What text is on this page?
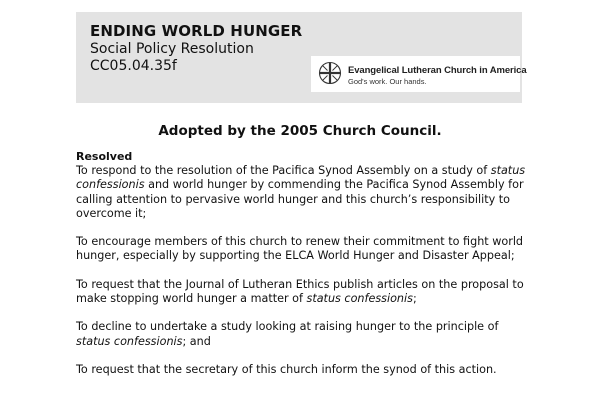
ENDING WORLD HUNGER
Social Policy Resolution
CC05.04.35f	Evangelical Lutheran Church in America
God's work. Our hands.
Adopted by the 2005 Church Council.
Resolved
To respond to the resolution of the Pacifica Synod Assembly on a study of status confessionis and world hunger by commending the Pacifica Synod Assembly for calling attention to pervasive world hunger and this church’s responsibility to overcome it;
To encourage members of this church to renew their commitment to fight world hunger, especially by supporting the ELCA World Hunger and Disaster Appeal;
To request that the Journal of Lutheran Ethics publish articles on the proposal to make stopping world hunger a matter of status confessionis;
To decline to undertake a study looking at raising hunger to the principle of status confessionis; and
To request that the secretary of this church inform the synod of this action.
